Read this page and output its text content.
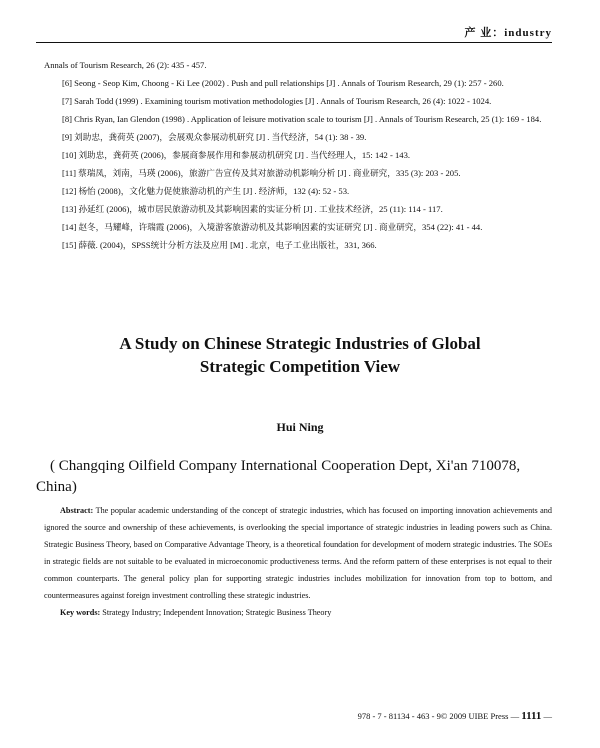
产 业：industry

Annals of Tourism Research, 26 (2): 435 - 457.

[6] Seong - Seop Kim, Choong - Ki Lee (2002) . Push and pull relationships [J] . Annals of Tourism Research, 29 (1): 257 - 260.

[7] Sarah Todd (1999) . Examining tourism motivation methodologies [J] . Annals of Tourism Research, 26 (4): 1022 - 1024.

[8] Chris Ryan, Ian Glendon (1998) . Application of leisure motivation scale to tourism [J] . Annals of Tourism Research, 25 (1): 169 - 184.

[9] 刘助忠，龚荷英 (2007)，会展观众参展动机研究 [J] . 当代经济，54 (1): 38 - 39.

[10] 刘助忠，龚荷英 (2006)，参展商参展作用和参展动机研究 [J] . 当代经理人，15: 142 - 143.

[11] 蔡瑞凤，刘南，马瑛 (2006)，旅游广告宣传及其对旅游动机影响分析 [J] . 商业研究，335 (3): 203 - 205.

[12] 杨怡 (2008)，文化魅力促使旅游动机的产生 [J] . 经济师，132 (4): 52 - 53.

[13] 孙延红 (2006)，城市居民旅游动机及其影响因素的实证分析 [J] . 工业技术经济，25 (11): 114 - 117.

[14] 赵冬，马耀峰，许瑞霞 (2006)，入境游客旅游动机及其影响因素的实证研究 [J] . 商业研究，354 (22): 41 - 44.

[15] 薛薇. (2004)，SPSS统计分析方法及应用 [M] . 北京，电子工业出版社，331, 366.

A Study on Chinese Strategic Industries of Global
Strategic Competition View
Hui Ning
( Changqing Oilfield Company International Cooperation Dept, Xi'an 710078, China)

Abstract: The popular academic understanding of the concept of strategic industries, which has focused on importing innovation achievements and ignored the source and ownership of these achievements, is overlooking the special importance of strategic industries in leading powers such as China. Strategic Business Theory, based on Comparative Advantage Theory, is a theoretical foundation for development of modern strategic industries. The SOEs in strategic fields are not suitable to be evaluated in microeconomic productiveness terms. And the reform pattern of these enterprises is not equal to their common counterparts. The general policy plan for supporting strategic industries includes mobilization for innovation from top to bottom, and countermeasures against foreign investment controlling these strategic industries.

Key words: Strategy Industry; Independent Innovation; Strategic Business Theory

978 - 7 - 81134 - 463 - 9© 2009 UIBE Press — 1111 —
